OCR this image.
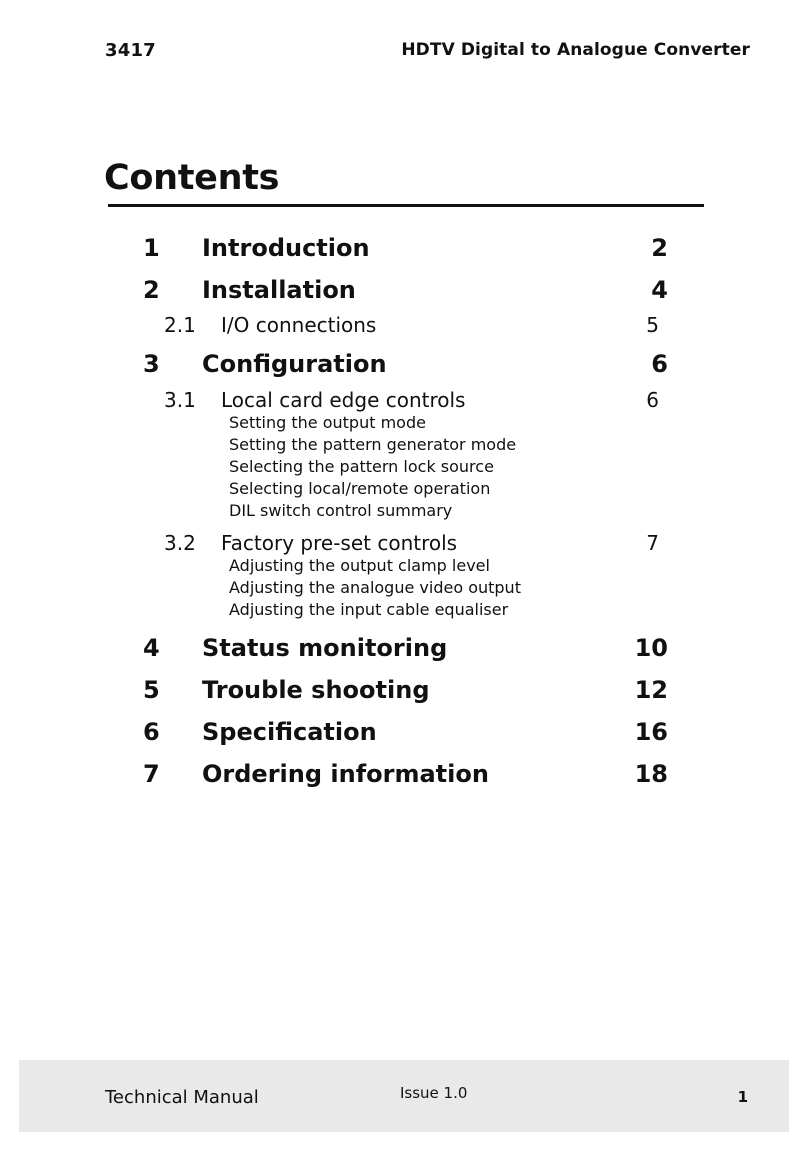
3417	HDTV Digital to Analogue Converter
Contents
1 Introduction	2
2 Installation	4
2.1 I/O connections	5
3 Configuration	6
3.1 Local card edge controls	6
Setting the output mode
Setting the pattern generator mode
Selecting the pattern lock source
Selecting local/remote operation
DIL switch control summary
3.2 Factory pre-set controls	7
Adjusting the output clamp level
Adjusting the analogue video output
Adjusting the input cable equaliser
4 Status monitoring	10
5 Trouble shooting	12
6 Specification	16
7 Ordering information	18
Technical Manual	Issue 1.0	1
